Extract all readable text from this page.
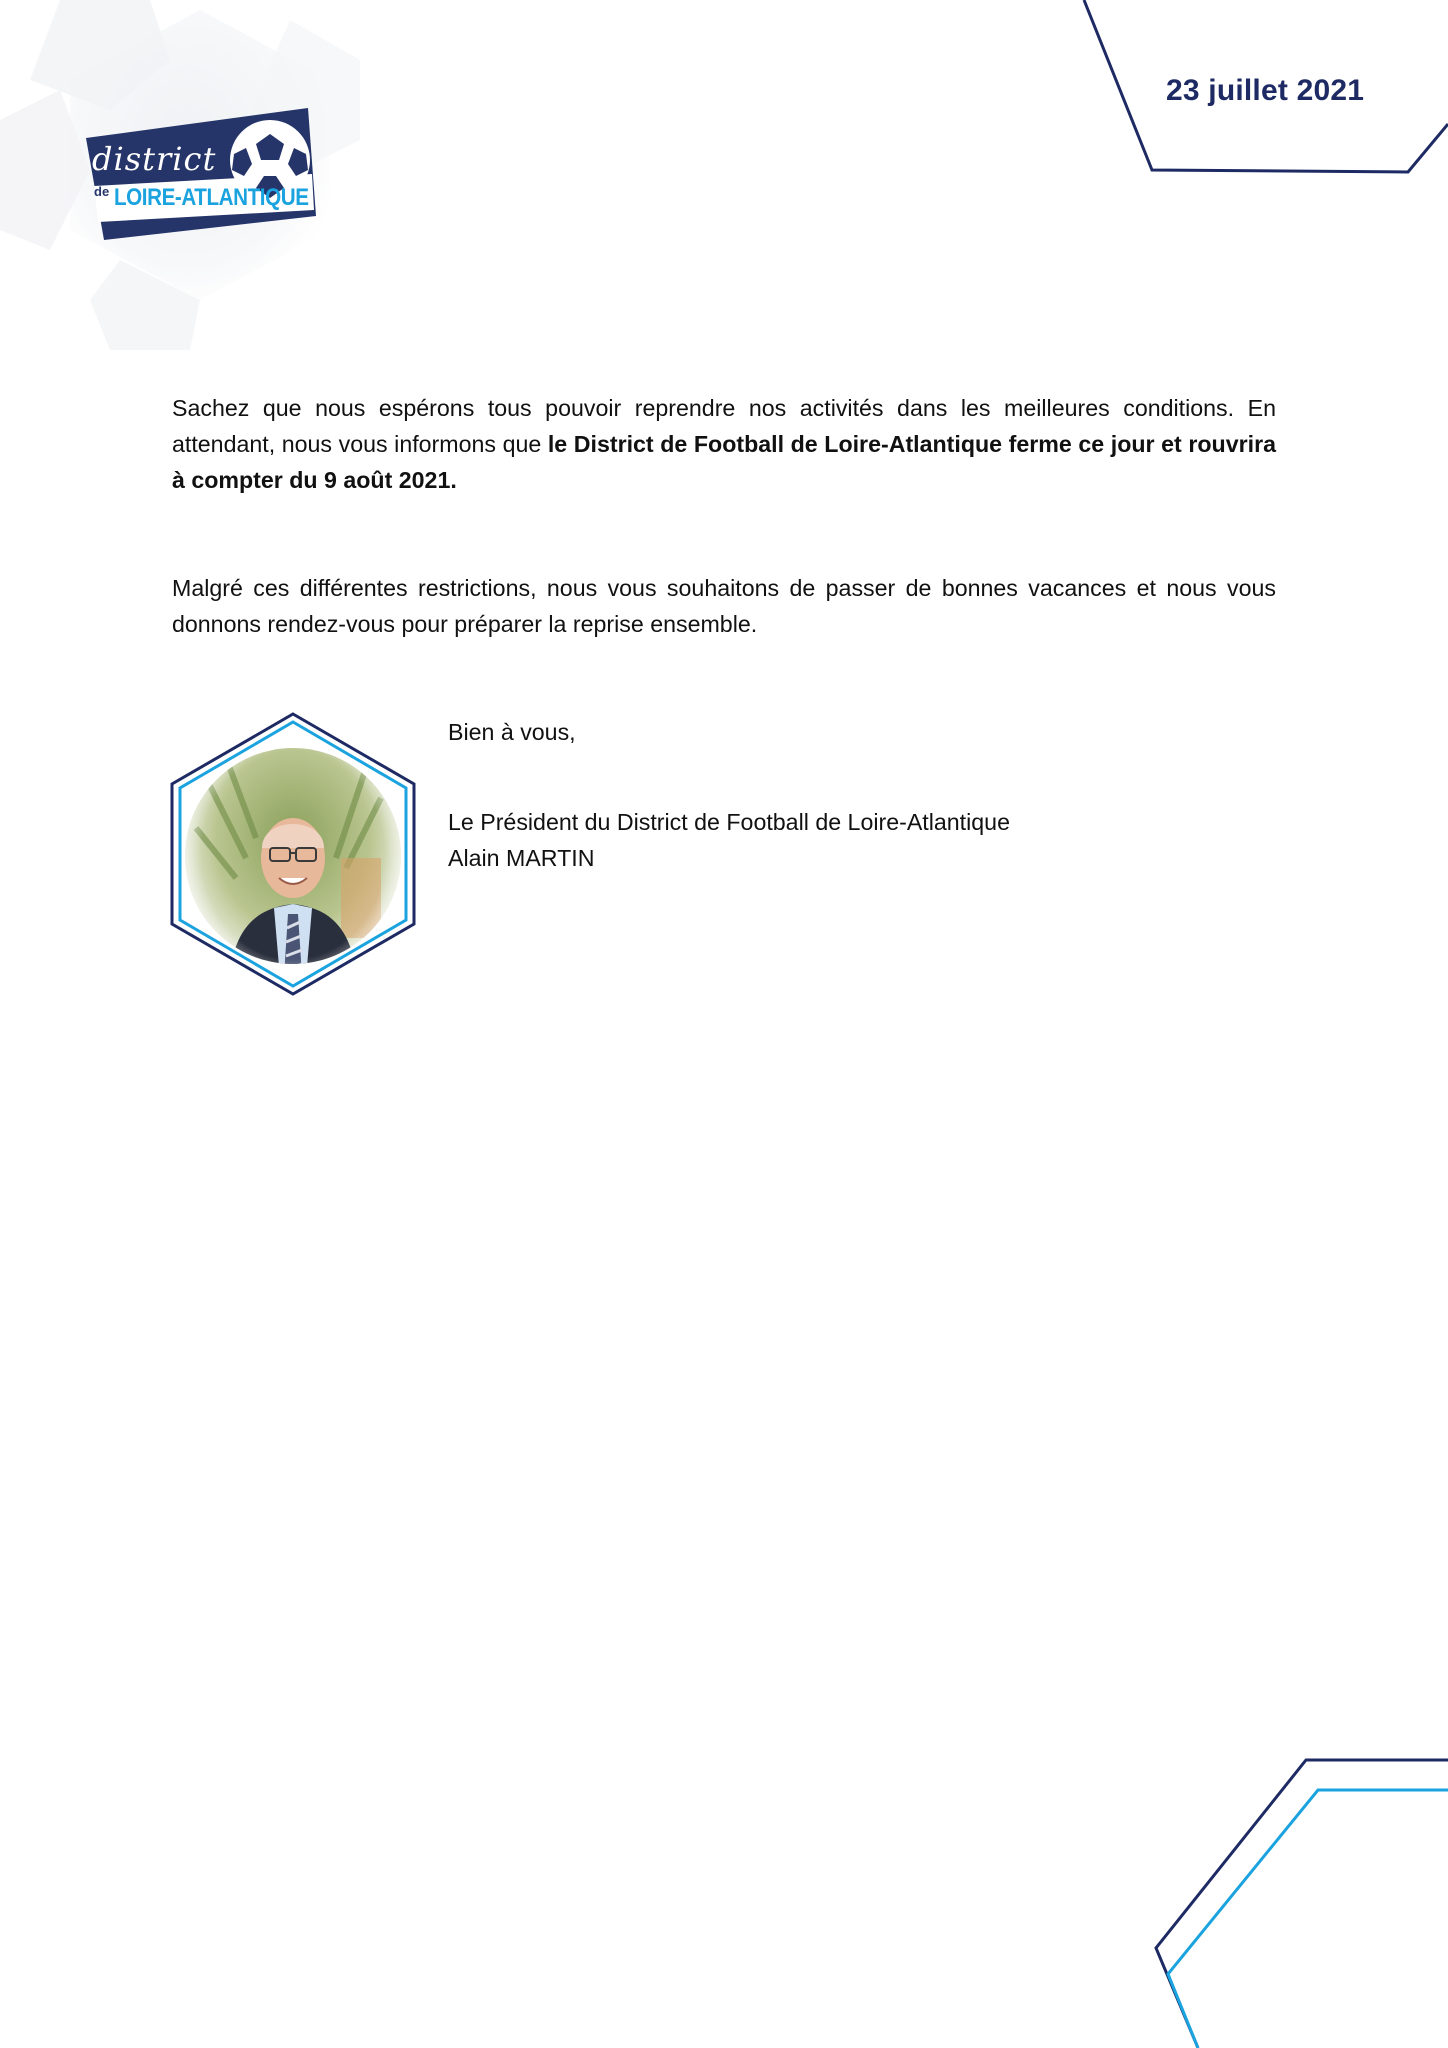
district
de LOIRE-ATLANTIQUE
23 juillet 2021
Sachez que nous espérons tous pouvoir reprendre nos activités dans les meilleures conditions. En attendant, nous vous informons que le District de Football de Loire-Atlantique ferme ce jour et rouvrira à compter du 9 août 2021.
Malgré ces différentes restrictions, nous vous souhaitons de passer de bonnes vacances et nous vous donnons rendez-vous pour préparer la reprise ensemble.
Bien à vous,
Le Président du District de Football de Loire-Atlantique
Alain MARTIN
